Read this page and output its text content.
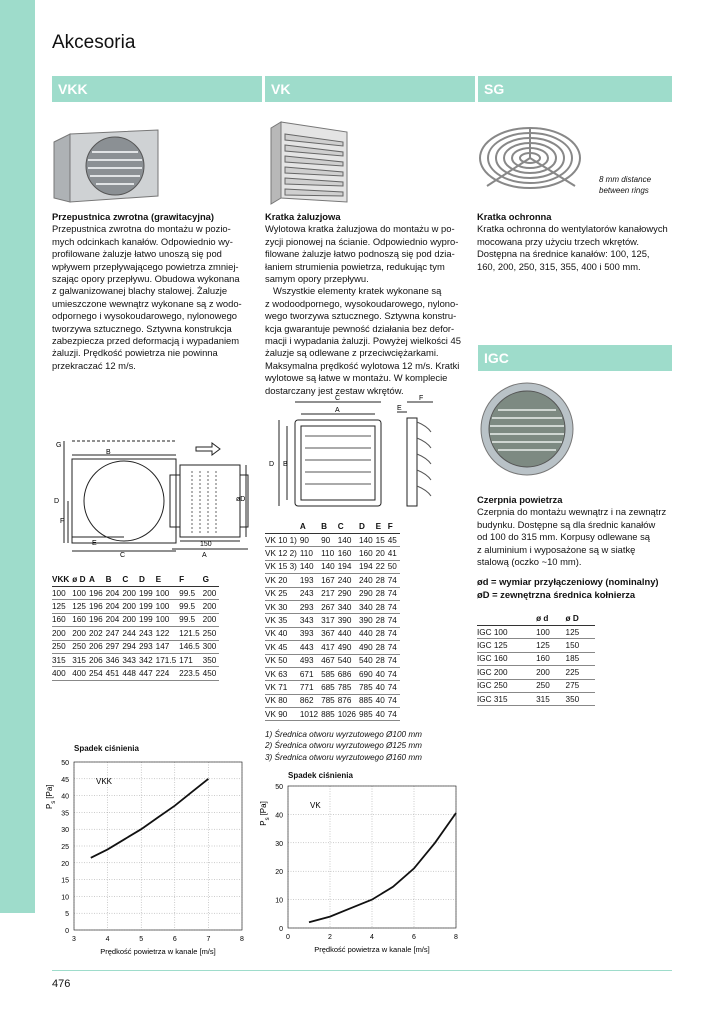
Akcesoria
VKK	VK	SG
8 mm distance
between rings
Przepustnica zwrotna (grawitacyjna)
Przepustnica zwrotna do montażu w pozio-
mych odcinkach kanałów. Odpowiednio wy-
profilowane żaluzje łatwo unoszą się pod
wpływem przepływającego powietrza zmniej-
szając opory przepływu. Obudowa wykonana
z galwanizowanej blachy stalowej. Żaluzje
umieszczone wewnątrz wykonane są z wodo-
odpornego i wysokoudarowego, nylonowego
tworzywa sztucznego. Sztywna konstrukcja
zabezpiecza przed deformacją i wypadaniem
żaluzji. Prędkość powietrza nie powinna
przekraczać 12 m/s.
Kratka żaluzjowa
Wylotowa kratka żaluzjowa do montażu w po-
zycji pionowej na ścianie. Odpowiednio wypro-
filowane żaluzje łatwo podnoszą się pod dzia-
łaniem strumienia powietrza, redukując tym
samym opory przepływu.
Wszystkie elementy kratek wykonane są
z wodoodpornego, wysokoudarowego, nylono-
wego tworzywa sztucznego. Sztywna konstru-
kcja gwarantuje pewność działania bez defor-
macji i wypadania żaluzji. Powyżej wielkości 45
żaluzje są odlewane z przeciwciężarkami.
Maksymalna prędkość wylotowa 12 m/s. Kratki
wylotowe są łatwe w montażu. W komplecie
dostarczany jest zestaw wkrętów.
Kratka ochronna
Kratka ochronna do wentylatorów kanałowych
mocowana przy użyciu trzech wkrętów.
Dostępna na średnice kanałów: 100, 125,
160, 200, 250, 315, 355, 400 i 500 mm.
IGC
Czerpnia powietrza
Czerpnia do montażu wewnątrz i na zewnątrz
budynku. Dostępne są dla średnic kanałów
od 100 do 315 mm. Korpusy odlewane są
z aluminium i wyposażone są w siatkę
stalową (oczko ~10 mm).
ød = wymiar przyłączeniowy (nominalny)
øD = zewnętrzna średnica kołnierza
G
B
D
F
E
C	A
150
øD
C
A	E
F
D B
VKK	ø D	A	B	C	D	E	F	G
100	100	196	204	200	199	100	99.5	200
125	125	196	204	200	199	100	99.5	200
160	160	196	204	200	199	100	99.5	200
200	200	202	247	244	243	122	121.5	250
250	250	206	297	294	293	147	146.5	300
315	315	206	346	343	342	171.5	171	350
400	400	254	451	448	447	224	223.5	450
	A	B	C	D	E	F
VK 10 1)	90	90	140	140	15	45
VK 12 2)	110	110	160	160	20	41
VK 15 3)	140	140	194	194	22	50
VK 20	193	167	240	240	28	74
VK 25	243	217	290	290	28	74
VK 30	293	267	340	340	28	74
VK 35	343	317	390	390	28	74
VK 40	393	367	440	440	28	74
VK 45	443	417	490	490	28	74
VK 50	493	467	540	540	28	74
VK 63	671	585	686	690	40	74
VK 71	771	685	785	785	40	74
VK 80	862	785	876	885	40	74
VK 90	1012	885	1026	985	40	74
1) Średnica otworu wyrzutowego Ø100 mm
2) Średnica otworu wyrzutowego Ø125 mm
3) Średnica otworu wyrzutowego Ø160 mm
	ø d	ø D
IGC 100	100	125
IGC 125	125	150
IGC 160	160	185
IGC 200	200	225
IGC 250	250	275
IGC 315	315	350
Spadek ciśnienia
0
5
10
15
20
25
30
35
40
45
50
3	4	5	6	7	8
VKK
Prędkość powietrza w kanale [m/s]
$P_s[Pa]$
Spadek ciśnienia
0
10
20
30
40
50
0	2	4	6	8
VK
Prędkość powietrza w kanale [m/s]
$P_s[Pa]$
476
